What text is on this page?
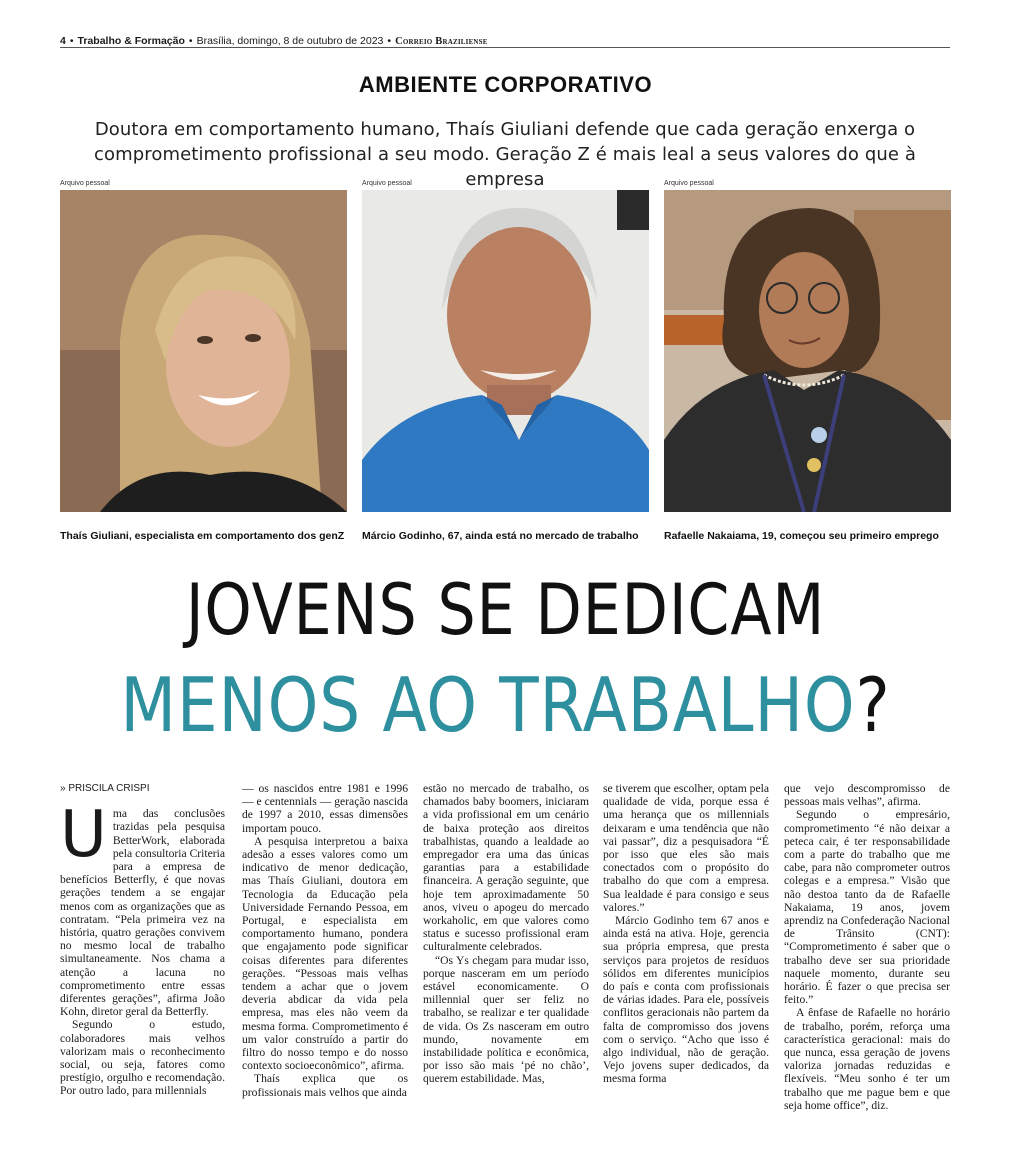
4 • Trabalho & Formação • Brasília, domingo, 8 de outubro de 2023 • Correio Braziliense
AMBIENTE CORPORATIVO
Doutora em comportamento humano, Thaís Giuliani defende que cada geração enxerga o comprometimento profissional a seu modo. Geração Z é mais leal a seus valores do que à empresa
Arquivo pessoal
Thaís Giuliani, especialista em comportamento dos genZ
Arquivo pessoal
Márcio Godinho, 67, ainda está no mercado de trabalho
Arquivo pessoal
Rafaelle Nakaiama, 19, começou seu primeiro emprego
JOVENS SE DEDICAM
MENOS AO TRABALHO?
» PRISCILA CRISPI

Uma das conclusões trazidas pela pesquisa BetterWork, elaborada pela consultoria Criteria para a empresa de benefícios Betterfly, é que novas gerações tendem a se engajar menos com as organizações que as contratam. “Pela primeira vez na história, quatro gerações convivem no mesmo local de trabalho simultaneamente. Nos chama a atenção a lacuna no comprometimento entre essas diferentes gerações”, afirma João Kohn, diretor geral da Betterfly.

Segundo o estudo, colaboradores mais velhos valorizam mais o reconhecimento social, ou seja, fatores como prestígio, orgulho e recomendação. Por outro lado, para millennials

— os nascidos entre 1981 e 1996 — e centennials — geração nascida de 1997 a 2010, essas dimensões importam pouco.

A pesquisa interpretou a baixa adesão a esses valores como um indicativo de menor dedicação, mas Thaís Giuliani, doutora em Tecnologia da Educação pela Universidade Fernando Pessoa, em Portugal, e especialista em comportamento humano, pondera que engajamento pode significar coisas diferentes para diferentes gerações. “Pessoas mais velhas tendem a achar que o jovem deveria abdicar da vida pela empresa, mas eles não veem da mesma forma. Comprometimento é um valor construído a partir do filtro do nosso tempo e do nosso contexto socioeconômico”, afirma.

Thaís explica que os profissionais mais velhos que ainda

estão no mercado de trabalho, os chamados baby boomers, iniciaram a vida profissional em um cenário de baixa proteção aos direitos trabalhistas, quando a lealdade ao empregador era uma das únicas garantias para a estabilidade financeira. A geração seguinte, que hoje tem aproximadamente 50 anos, viveu o apogeu do mercado workaholic, em que valores como status e sucesso profissional eram culturalmente celebrados.

“Os Ys chegam para mudar isso, porque nasceram em um período estável economicamente. O millennial quer ser feliz no trabalho, se realizar e ter qualidade de vida. Os Zs nasceram em outro mundo, novamente em instabilidade política e econômica, por isso são mais ‘pé no chão’, querem estabilidade. Mas,

se tiverem que escolher, optam pela qualidade de vida, porque essa é uma herança que os millennials deixaram e uma tendência que não vai passar”, diz a pesquisadora “É por isso que eles são mais conectados com o propósito do trabalho do que com a empresa. Sua lealdade é para consigo e seus valores.”

Márcio Godinho tem 67 anos e ainda está na ativa. Hoje, gerencia sua própria empresa, que presta serviços para projetos de resíduos sólidos em diferentes municípios do país e conta com profissionais de várias idades. Para ele, possíveis conflitos geracionais não partem da falta de compromisso dos jovens com o serviço. “Acho que isso é algo individual, não de geração. Vejo jovens super dedicados, da mesma forma

que vejo descompromisso de pessoas mais velhas”, afirma.

Segundo o empresário, comprometimento “é não deixar a peteca cair, é ter responsabilidade com a parte do trabalho que me cabe, para não comprometer outros colegas e a empresa.” Visão que não destoa tanto da de Rafaelle Nakaiama, 19 anos, jovem aprendiz na Confederação Nacional de Trânsito (CNT): “Comprometimento é saber que o trabalho deve ser sua prioridade naquele momento, durante seu horário. É fazer o que precisa ser feito.”

A ênfase de Rafaelle no horário de trabalho, porém, reforça uma característica geracional: mais do que nunca, essa geração de jovens valoriza jornadas reduzidas e flexíveis. “Meu sonho é ter um trabalho que me pague bem e que seja home office”, diz.
